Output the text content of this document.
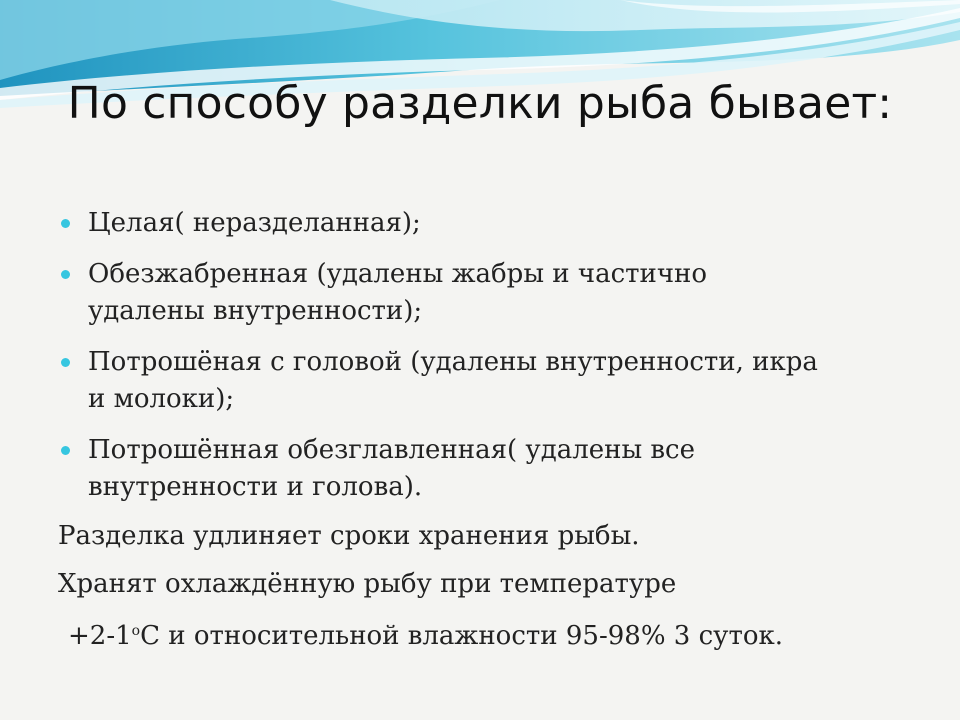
По способу разделки рыба бывает:
Целая( неразделанная);
Обезжабренная (удалены жабры и частично
удалены внутренности);
Потрошёная с головой (удалены внутренности, икра
и молоки);
Потрошённая обезглавленная( удалены все
внутренности и голова).

Разделка удлиняет сроки хранения рыбы.

Хранят охлаждённую рыбу при температуре

$+2-1^оС$ и относительной влажности 95-98% 3 суток.
